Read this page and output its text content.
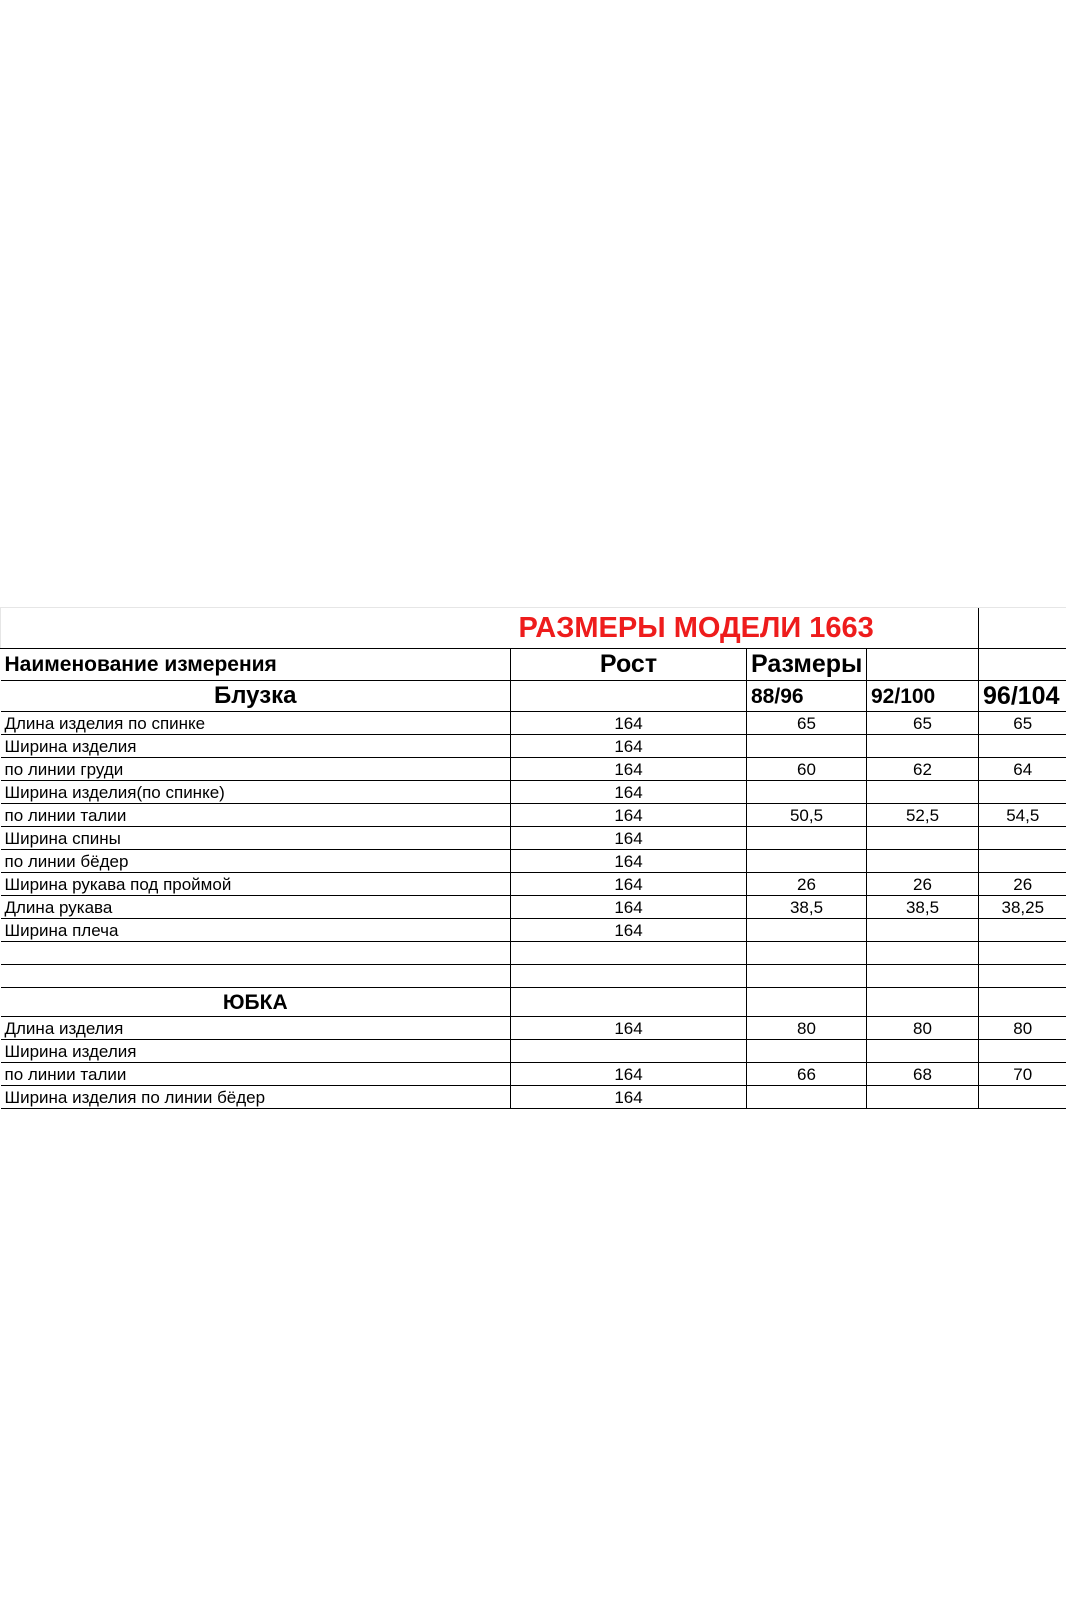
	РАЗМЕРЫ МОДЕЛИ 1663			
Наименование измерения	Рост	Размеры		
Блузка		88/96	92/100	96/104
Длина изделия по спинке	164	65	65	65
Ширина изделия	164			
по линии груди	164	60	62	64
Ширина изделия(по спинке)	164			
по линии талии	164	50,5	52,5	54,5
Ширина спины	164			
по линии бёдер	164			
Ширина рукава под проймой	164	26	26	26
Длина рукава	164	38,5	38,5	38,25
Ширина плеча	164			

ЮБКА				
Длина изделия	164	80	80	80
Ширина изделия				
по линии талии	164	66	68	70
Ширина изделия по линии бёдер	164			
